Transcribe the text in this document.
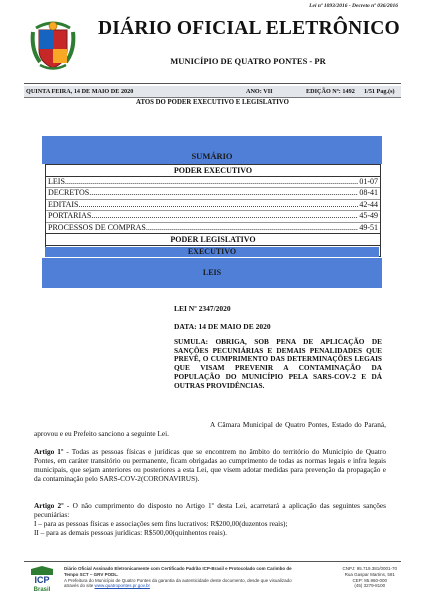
Lei nº 1093/2016 - Decreto nº 036/2016
DIÁRIO OFICIAL ELETRÔNICO
MUNICÍPIO DE QUATRO PONTES - PR
QUINTA FEIRA, 14 DE MAIO DE 2020	ANO: VII	EDIÇÃO Nº: 1492 1/51 Pag.(s)
ATOS DO PODER EXECUTIVO E LEGISLATIVO
SUMÁRIO
PODER EXECUTIVO
LEIS .....	01-07
DECRETOS .....	08-41
EDITAIS .....	42-44
PORTARIAS .....	45-49
PROCESSOS DE COMPRAS .....	49-51
PODER LEGISLATIVO
.....
EXECUTIVO
LEIS
LEI Nº 2347/2020
DATA: 14 DE MAIO DE 2020

SUMULA: OBRIGA, SOB PENA DE APLICAÇÃO DE SANÇÕES PECUNIÁRIAS E DEMAIS PENALIDADES QUE PREVÊ, O CUMPRIMENTO DAS DETERMINAÇÕES LEGAIS QUE VISAM PREVENIR A CONTAMINAÇÃO DA POPULAÇÃO DO MUNICÍPIO PELA SARS-COV-2 E DÁ OUTRAS PROVIDÊNCIAS.

A Câmara Municipal de Quatro Pontes, Estado do Paraná, aprovou e eu Prefeito sanciono a seguinte Lei.

Artigo 1º - Todas as pessoas físicas e jurídicas que se encontrem no âmbito do território do Município de Quatro Pontes, em caráter transitório ou permanente, ficam obrigadas ao cumprimento de todas as normas legais e infra legais municipais, que sejam anteriores ou posteriores a esta Lei, que visem adotar medidas para prevenção da propagação e da contaminação pelo SARS-COV-2(CORONAVIRUS).

Artigo 2º - O não cumprimento do disposto no Artigo 1º desta Lei, acarretará a aplicação das seguintes sanções pecuniárias:

I – para as pessoas físicas e associações sem fins lucrativos: R$200,00(duzentos reais);

II – para as demais pessoas jurídicas: R$500,00(quinhentos reais).

ICP
Brasil

Diário Oficial Assinado Eletronicamente com Certificado Padrão ICP-Brasil e Protocolado com Carimbo de Tempo SCT – GRV PODL.
A Prefeitura do Município de Quatro Pontes da garantia da autenticidade deste documento, desde que visualizado através do site www.quatropontes.pr.gov.br

CNPJ: 95.719.381/0001-70
Rua Gaspar Martins, 591
CEP: 85.960-000
(45) 3279-8100
